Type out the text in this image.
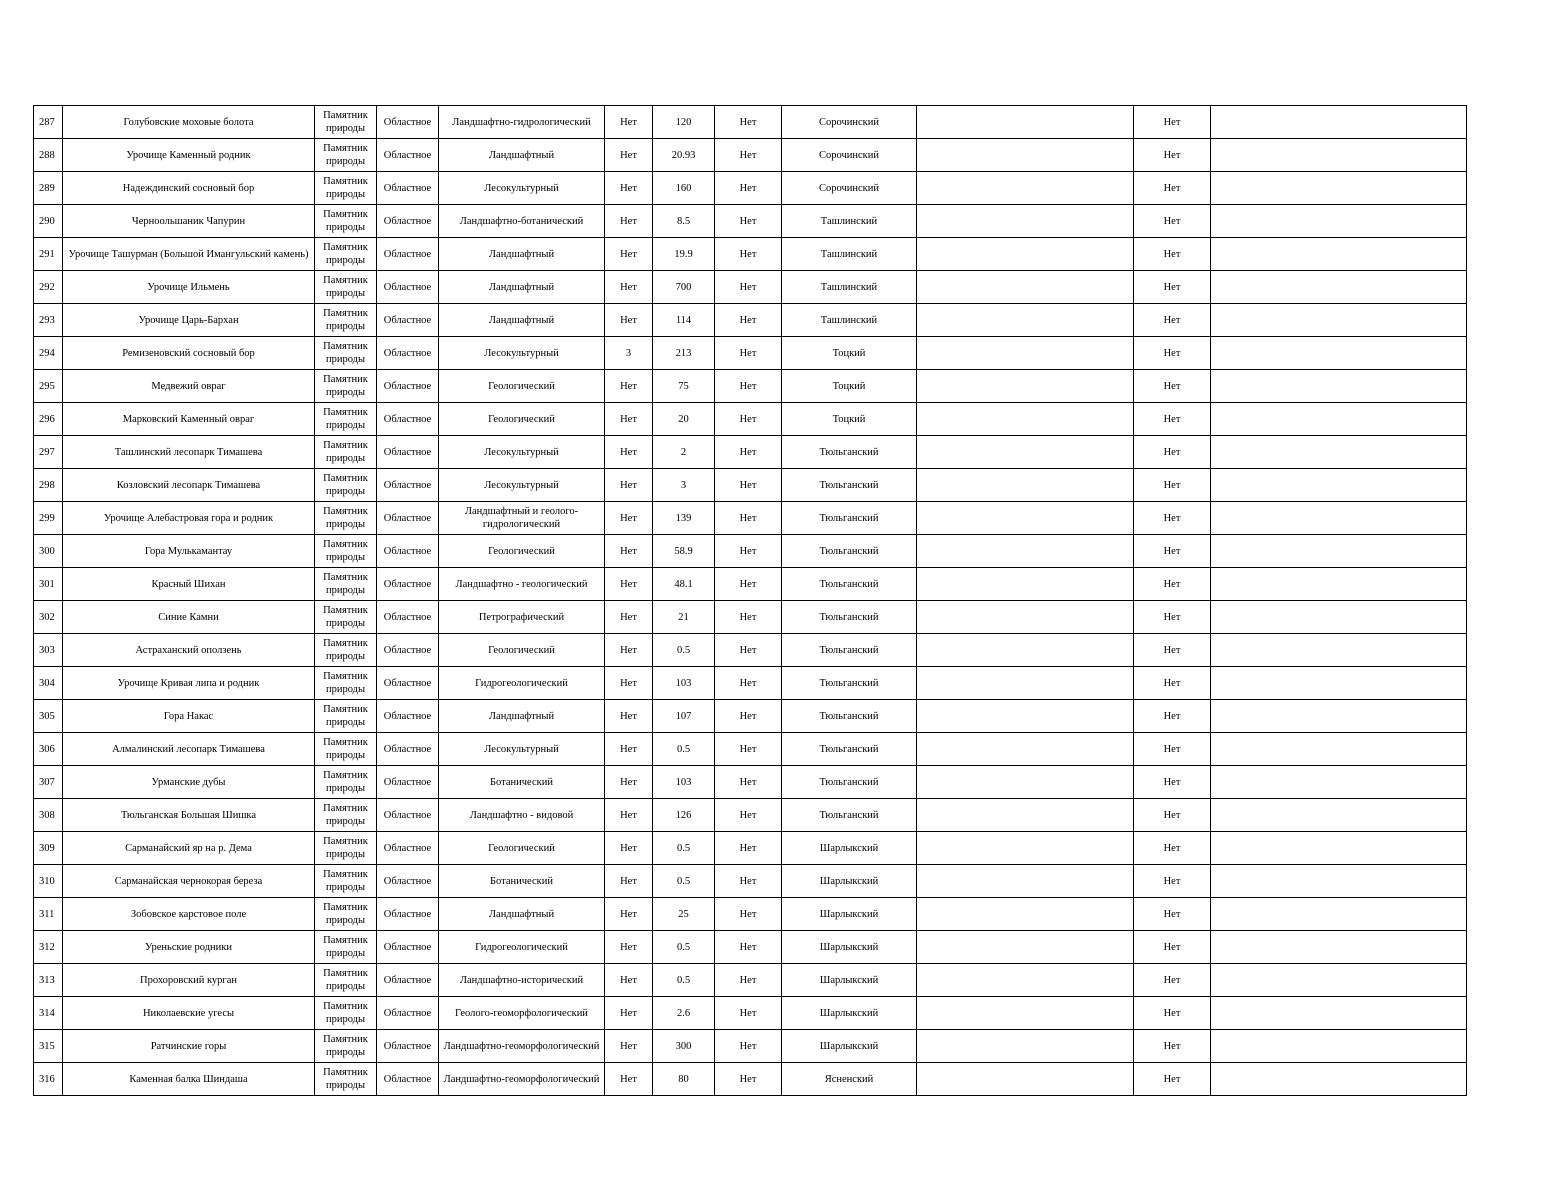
287	Голубовские моховые болота	Памятник природы	Областное	Ландшафтно-гидрологический	Нет	120	Нет	Сорочинский		Нет	
288	Урочище Каменный родник	Памятник природы	Областное	Ландшафтный	Нет	20.93	Нет	Сорочинский		Нет	
289	Надеждинский сосновый бор	Памятник природы	Областное	Лесокультурный	Нет	160	Нет	Сорочинский		Нет	
290	Черноольшаник Чапурин	Памятник природы	Областное	Ландшафтно-ботанический	Нет	8.5	Нет	Ташлинский		Нет	
291	Урочище Ташурман (Большой Имангульский камень)	Памятник природы	Областное	Ландшафтный	Нет	19.9	Нет	Ташлинский		Нет	
292	Урочище Ильмень	Памятник природы	Областное	Ландшафтный	Нет	700	Нет	Ташлинский		Нет	
293	Урочище Царь-Бархан	Памятник природы	Областное	Ландшафтный	Нет	114	Нет	Ташлинский		Нет	
294	Ремизеновский сосновый бор	Памятник природы	Областное	Лесокультурный	3	213	Нет	Тоцкий		Нет	
295	Медвежий овраг	Памятник природы	Областное	Геологический	Нет	75	Нет	Тоцкий		Нет	
296	Марковский Каменный овраг	Памятник природы	Областное	Геологический	Нет	20	Нет	Тоцкий		Нет	
297	Ташлинский лесопарк Тимашева	Памятник природы	Областное	Лесокультурный	Нет	2	Нет	Тюльганский		Нет	
298	Козловский лесопарк Тимашева	Памятник природы	Областное	Лесокультурный	Нет	3	Нет	Тюльганский		Нет	
299	Урочище Алебастровая гора и родник	Памятник природы	Областное	Ландшафтный и геолого-гидрологический	Нет	139	Нет	Тюльганский		Нет	
300	Гора Мулькамантау	Памятник природы	Областное	Геологический	Нет	58.9	Нет	Тюльганский		Нет	
301	Красный Шихан	Памятник природы	Областное	Ландшафтно - геологический	Нет	48.1	Нет	Тюльганский		Нет	
302	Синие Камни	Памятник природы	Областное	Петрографический	Нет	21	Нет	Тюльганский		Нет	
303	Астраханский оползень	Памятник природы	Областное	Геологический	Нет	0.5	Нет	Тюльганский		Нет	
304	Урочище Кривая липа и родник	Памятник природы	Областное	Гидрогеологический	Нет	103	Нет	Тюльганский		Нет	
305	Гора Накас	Памятник природы	Областное	Ландшафтный	Нет	107	Нет	Тюльганский		Нет	
306	Алмалинский лесопарк Тимашева	Памятник природы	Областное	Лесокультурный	Нет	0.5	Нет	Тюльганский		Нет	
307	Урманские дубы	Памятник природы	Областное	Ботанический	Нет	103	Нет	Тюльганский		Нет	
308	Тюльганская Большая Шишка	Памятник природы	Областное	Ландшафтно - видовой	Нет	126	Нет	Тюльганский		Нет	
309	Сарманайский яр на р. Дема	Памятник природы	Областное	Геологический	Нет	0.5	Нет	Шарлыкский		Нет	
310	Сарманайская чернокорая береза	Памятник природы	Областное	Ботанический	Нет	0.5	Нет	Шарлыкский		Нет	
311	Зобовское карстовое поле	Памятник природы	Областное	Ландшафтный	Нет	25	Нет	Шарлыкский		Нет	
312	Уреньские родники	Памятник природы	Областное	Гидрогеологический	Нет	0.5	Нет	Шарлыкский		Нет	
313	Прохоровский курган	Памятник природы	Областное	Ландшафтно-исторический	Нет	0.5	Нет	Шарлыкский		Нет	
314	Николаевские угесы	Памятник природы	Областное	Геолого-геоморфологический	Нет	2.6	Нет	Шарлыкский		Нет	
315	Ратчинские горы	Памятник природы	Областное	Ландшафтно-геоморфологический	Нет	300	Нет	Шарлыкский		Нет	
316	Каменная балка Шиндаша	Памятник природы	Областное	Ландшафтно-геоморфологический	Нет	80	Нет	Ясненский		Нет	
